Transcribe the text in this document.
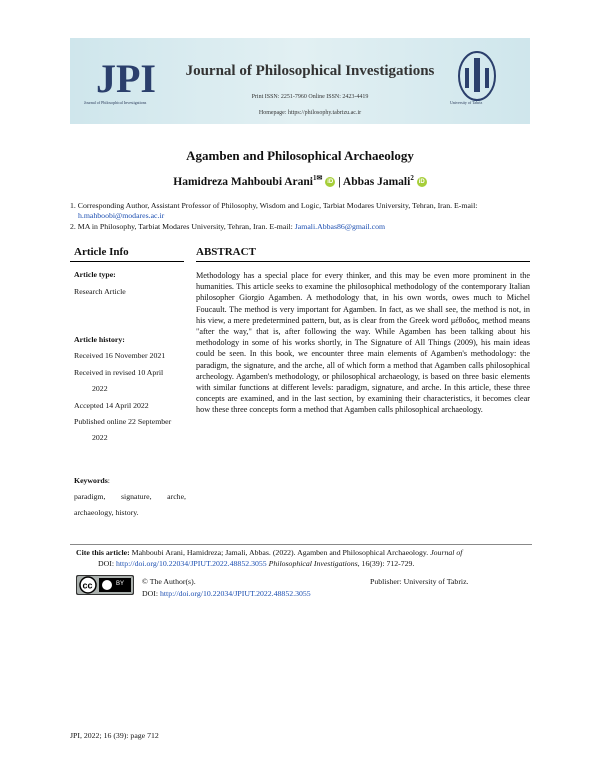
JPI
Journal of Philosophical Investigations
Journal of Philosophical Investigations
Print ISSN: 2251-7960 Online ISSN: 2423-4419
Homepage: https://philosophy.tabrizu.ac.ir
University of Tabriz
Agamben and Philosophical Archaeology
Hamidreza Mahboubi Arani$^1$✉ iD | Abbas Jamali$^2$ iD
1. Corresponding Author, Assistant Professor of Philosophy, Wisdom and Logic, Tarbiat Modares University, Tehran, Iran. E-mail:
h.mahboobi@modares.ac.ir
2. MA in Philosophy, Tarbiat Modares University, Tehran, Iran. E-mail: Jamali.Abbas86@gmail.com
Article Info	ABSTRACT
Article type:
Research Article
Article history:
Received 16 November 2021
Received in revised 10 April
2022
Accepted 14 April 2022
Published online 22 September
2022
Keywords:
paradigm, signature, arche,
archaeology, history.
Methodology has a special place for every thinker, and this may be even more prominent in the humanities. This article seeks to examine the philosophical methodology of the contemporary Italian philosopher Giorgio Agamben. A methodology that, in his own words, owes much to Michel Foucault. The method is very important for Agamben. In fact, as we shall see, the method is not, in his view, a mere predetermined pattern, but, as is clear from the Greek word μέθοδος, method means "after the way," that is, after following the way. While Agamben has been talking about his methodology in some of his works shortly, in The Signature of All Things (2009), his main ideas could be seen. In this book, we encounter three main elements of Agamben's methodology: the paradigm, the signature, and the arche, all of which form a method that Agamben calls philosophical archeology. Agamben's methodology, or philosophical archaeology, is based on three basic elements with similar functions at different levels: paradigm, signature, and arche. In this article, these three concepts are examined, and in the last section, by examining their characteristics, it becomes clear how these three concepts form a method that Agamben calls philosophical archaeology.
Cite this article: Mahboubi Arani, Hamidreza; Jamali, Abbas. (2022). Agamben and Philosophical Archaeology. Journal of
DOI: http://doi.org/10.22034/JPIUT.2022.48852.3055 Philosophical Investigations, 16(39): 712-729.
cc	BY © The Author(s).	Publisher: University of Tabriz.
DOI: http://doi.org/10.22034/JPIUT.2022.48852.3055
JPI, 2022; 16 (39): page 712
